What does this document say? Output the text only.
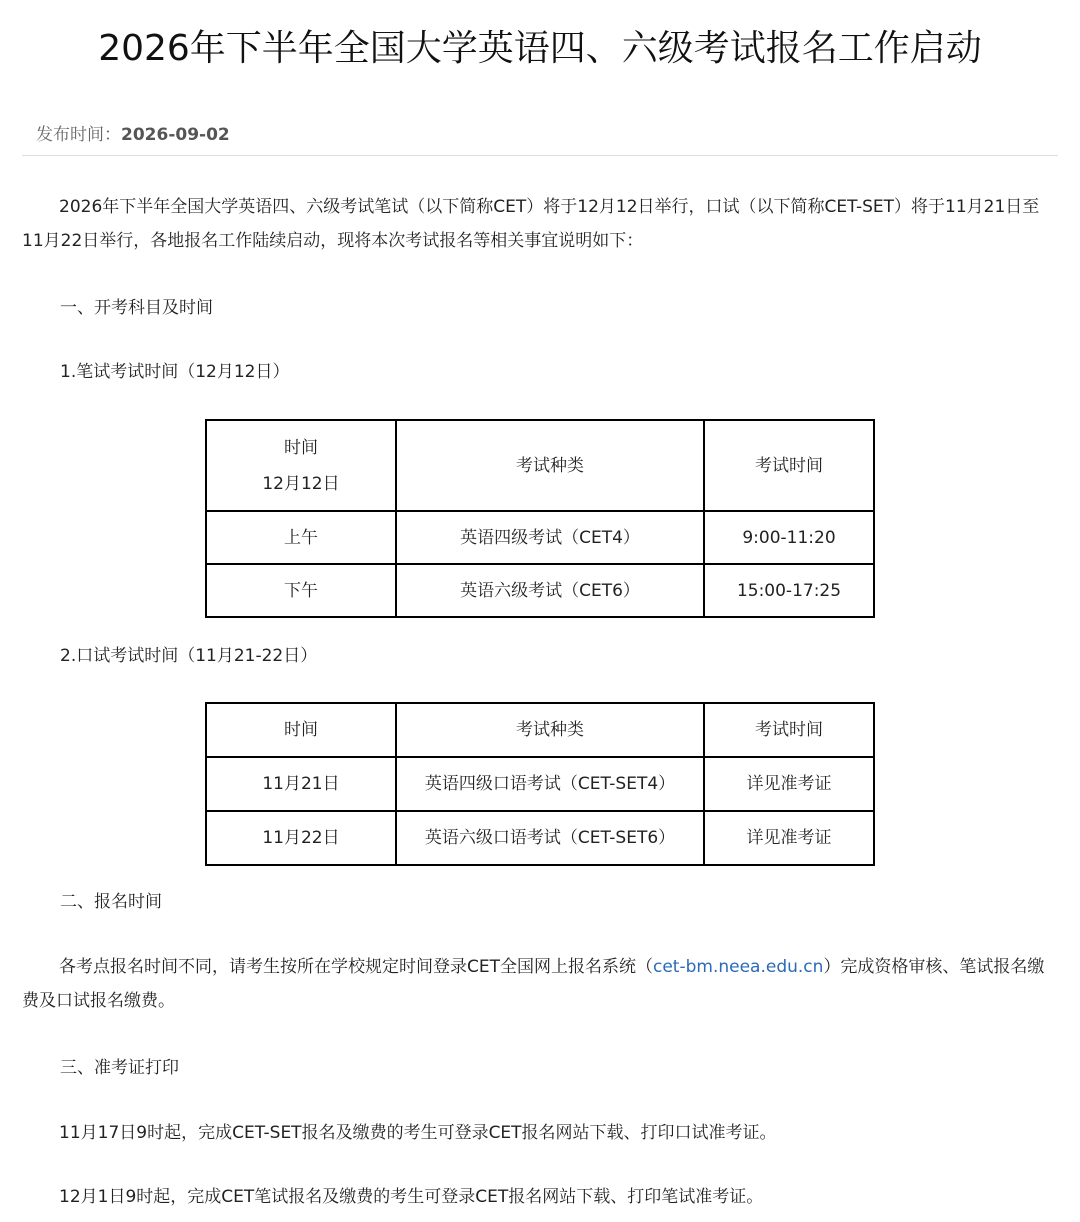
2026年下半年全国大学英语四、六级考试报名工作启动
发布时间：2026-09-02

2026年下半年全国大学英语四、六级考试笔试（以下简称CET）将于12月12日举行，口试（以下简称CET-SET）将于11月21日至11月22日举行，各地报名工作陆续启动，现将本次考试报名等相关事宜说明如下：

一、开考科目及时间
1.笔试考试时间（12月12日）
时间
12月12日	考试种类	考试时间
上午	英语四级考试（CET4）	9:00-11:20
下午	英语六级考试（CET6）	15:00-17:25
2.口试考试时间（11月21-22日）
时间	考试种类	考试时间
11月21日	英语四级口语考试（CET-SET4）	详见准考证
11月22日	英语六级口语考试（CET-SET6）	详见准考证
二、报名时间

各考点报名时间不同，请考生按所在学校规定时间登录CET全国网上报名系统（cet-bm.neea.edu.cn）完成资格审核、笔试报名缴费及口试报名缴费。

三、准考证打印

11月17日9时起，完成CET-SET报名及缴费的考生可登录CET报名网站下载、打印口试准考证。

12月1日9时起，完成CET笔试报名及缴费的考生可登录CET报名网站下载、打印笔试准考证。
